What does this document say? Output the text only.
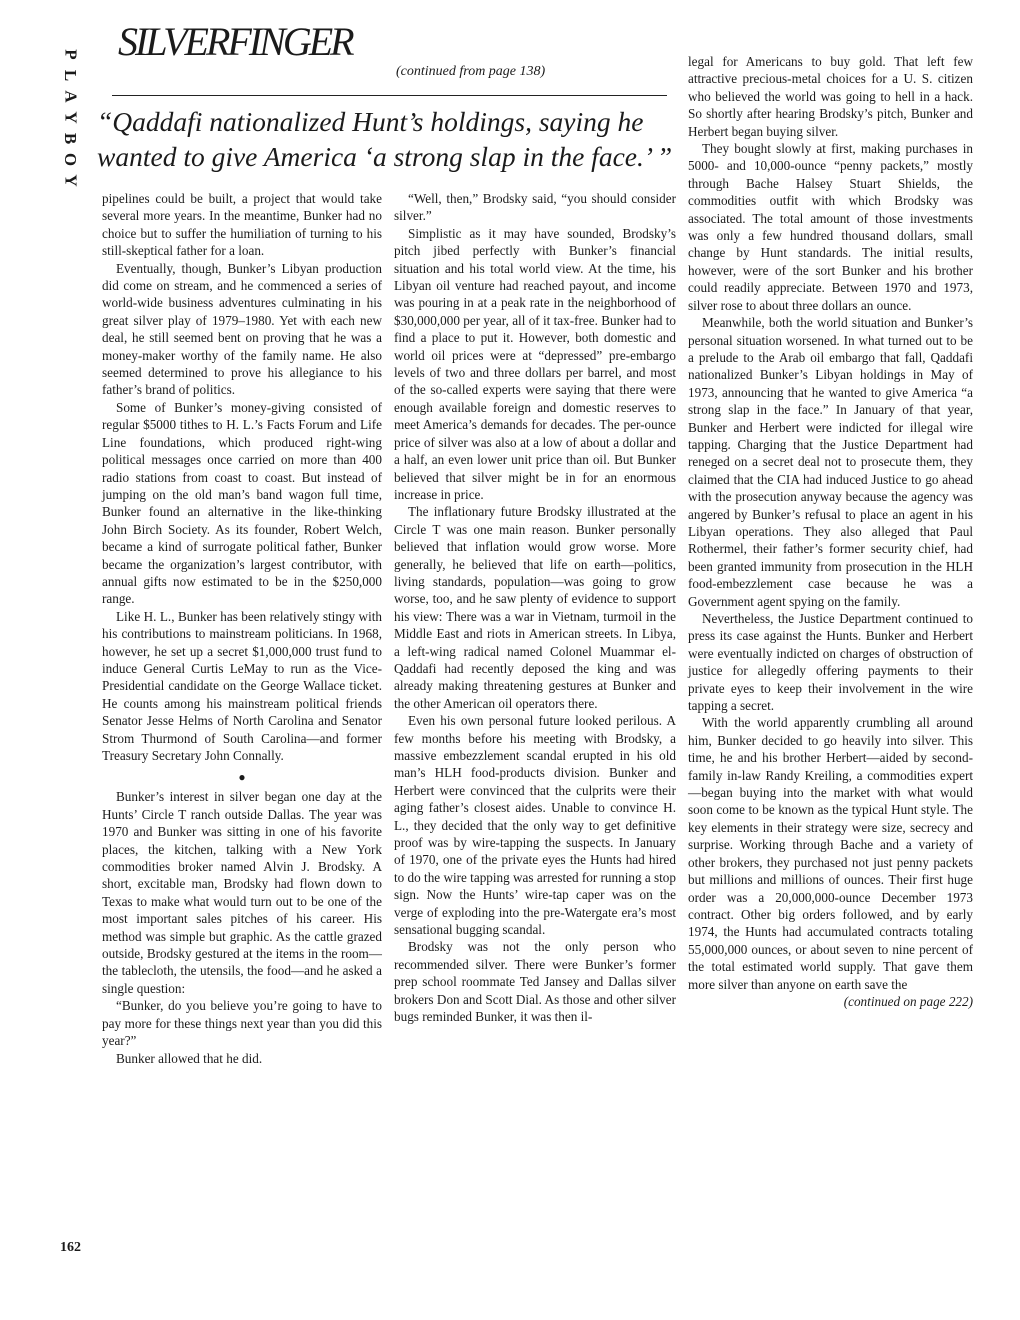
P
L
A
Y
B
O
Y
SILVERFINGER
(continued from page 138)
“Qaddafi nationalized Hunt’s holdings, saying he wanted to give America ‘a strong slap in the face.’ ”

pipelines could be built, a project that would take several more years. In the meantime, Bunker had no choice but to suffer the humiliation of turning to his still-skeptical father for a loan.

Eventually, though, Bunker’s Libyan production did come on stream, and he commenced a series of world-wide business adventures culminating in his great silver play of 1979–1980. Yet with each new deal, he still seemed bent on proving that he was a money-maker worthy of the family name. He also seemed determined to prove his allegiance to his father’s brand of politics.

Some of Bunker’s money-giving consisted of regular $5000 tithes to H. L.’s Facts Forum and Life Line foundations, which produced right-wing political messages once carried on more than 400 radio stations from coast to coast. But instead of jumping on the old man’s band wagon full time, Bunker found an alternative in the like-thinking John Birch Society. As its founder, Robert Welch, became a kind of surrogate political father, Bunker became the organization’s largest contributor, with annual gifts now estimated to be in the $250,000 range.

Like H. L., Bunker has been relatively stingy with his contributions to mainstream politicians. In 1968, however, he set up a secret $1,000,000 trust fund to induce General Curtis LeMay to run as the Vice-Presidential candidate on the George Wallace ticket. He counts among his mainstream political friends Senator Jesse Helms of North Carolina and Senator Strom Thurmond of South Carolina—and former Treasury Secretary John Connally.

●

Bunker’s interest in silver began one day at the Hunts’ Circle T ranch outside Dallas. The year was 1970 and Bunker was sitting in one of his favorite places, the kitchen, talking with a New York commodities broker named Alvin J. Brodsky. A short, excitable man, Brodsky had flown down to Texas to make what would turn out to be one of the most important sales pitches of his career. His method was simple but graphic. As the cattle grazed outside, Brodsky gestured at the items in the room—the tablecloth, the utensils, the food—and he asked a single question:

“Bunker, do you believe you’re going to have to pay more for these things next year than you did this year?”

Bunker allowed that he did.

“Well, then,” Brodsky said, “you should consider silver.”

Simplistic as it may have sounded, Brodsky’s pitch jibed perfectly with Bunker’s financial situation and his total world view. At the time, his Libyan oil venture had reached payout, and income was pouring in at a peak rate in the neighborhood of $30,000,000 per year, all of it tax-free. Bunker had to find a place to put it. However, both domestic and world oil prices were at “depressed” pre-embargo levels of two and three dollars per barrel, and most of the so-called experts were saying that there were enough available foreign and domestic reserves to meet America’s demands for decades. The per-ounce price of silver was also at a low of about a dollar and a half, an even lower unit price than oil. But Bunker believed that silver might be in for an enormous increase in price.

The inflationary future Brodsky illustrated at the Circle T was one main reason. Bunker personally believed that inflation would grow worse. More generally, he believed that life on earth—politics, living standards, population—was going to grow worse, too, and he saw plenty of evidence to support his view: There was a war in Vietnam, turmoil in the Middle East and riots in American streets. In Libya, a left-wing radical named Colonel Muammar el-Qaddafi had recently deposed the king and was already making threatening gestures at Bunker and the other American oil operators there.

Even his own personal future looked perilous. A few months before his meeting with Brodsky, a massive embezzlement scandal erupted in his old man’s HLH food-products division. Bunker and Herbert were convinced that the culprits were their aging father’s closest aides. Unable to convince H. L., they decided that the only way to get definitive proof was by wire-tapping the suspects. In January of 1970, one of the private eyes the Hunts had hired to do the wire tapping was arrested for running a stop sign. Now the Hunts’ wire-tap caper was on the verge of exploding into the pre-Watergate era’s most sensational bugging scandal.

Brodsky was not the only person who recommended silver. There were Bunker’s former prep school roommate Ted Jansey and Dallas silver brokers Don and Scott Dial. As those and other silver bugs reminded Bunker, it was then il-

legal for Americans to buy gold. That left few attractive precious-metal choices for a U. S. citizen who believed the world was going to hell in a hack. So shortly after hearing Brodsky’s pitch, Bunker and Herbert began buying silver.

They bought slowly at first, making purchases in 5000- and 10,000-ounce “penny packets,” mostly through Bache Halsey Stuart Shields, the commodities outfit with which Brodsky was associated. The total amount of those investments was only a few hundred thousand dollars, small change by Hunt standards. The initial results, however, were of the sort Bunker and his brother could readily appreciate. Between 1970 and 1973, silver rose to about three dollars an ounce.

Meanwhile, both the world situation and Bunker’s personal situation worsened. In what turned out to be a prelude to the Arab oil embargo that fall, Qaddafi nationalized Bunker’s Libyan holdings in May of 1973, announcing that he wanted to give America “a strong slap in the face.” In January of that year, Bunker and Herbert were indicted for illegal wire tapping. Charging that the Justice Department had reneged on a secret deal not to prosecute them, they claimed that the CIA had induced Justice to go ahead with the prosecution anyway because the agency was angered by Bunker’s refusal to place an agent in his Libyan operations. They also alleged that Paul Rothermel, their father’s former security chief, had been granted immunity from prosecution in the HLH food-embezzlement case because he was a Government agent spying on the family.

Nevertheless, the Justice Department continued to press its case against the Hunts. Bunker and Herbert were eventually indicted on charges of obstruction of justice for allegedly offering payments to their private eyes to keep their involvement in the wire tapping a secret.

With the world apparently crumbling all around him, Bunker decided to go heavily into silver. This time, he and his brother Herbert—aided by second-family in-law Randy Kreiling, a commodities expert—began buying into the market with what would soon come to be known as the typical Hunt style. The key elements in their strategy were size, secrecy and surprise. Working through Bache and a variety of other brokers, they purchased not just penny packets but millions and millions of ounces. Their first huge order was a 20,000,000-ounce December 1973 contract. Other big orders followed, and by early 1974, the Hunts had accumulated contracts totaling 55,000,000 ounces, or about seven to nine percent of the total estimated world supply. That gave them more silver than anyone on earth save the

(continued on page 222)

162
